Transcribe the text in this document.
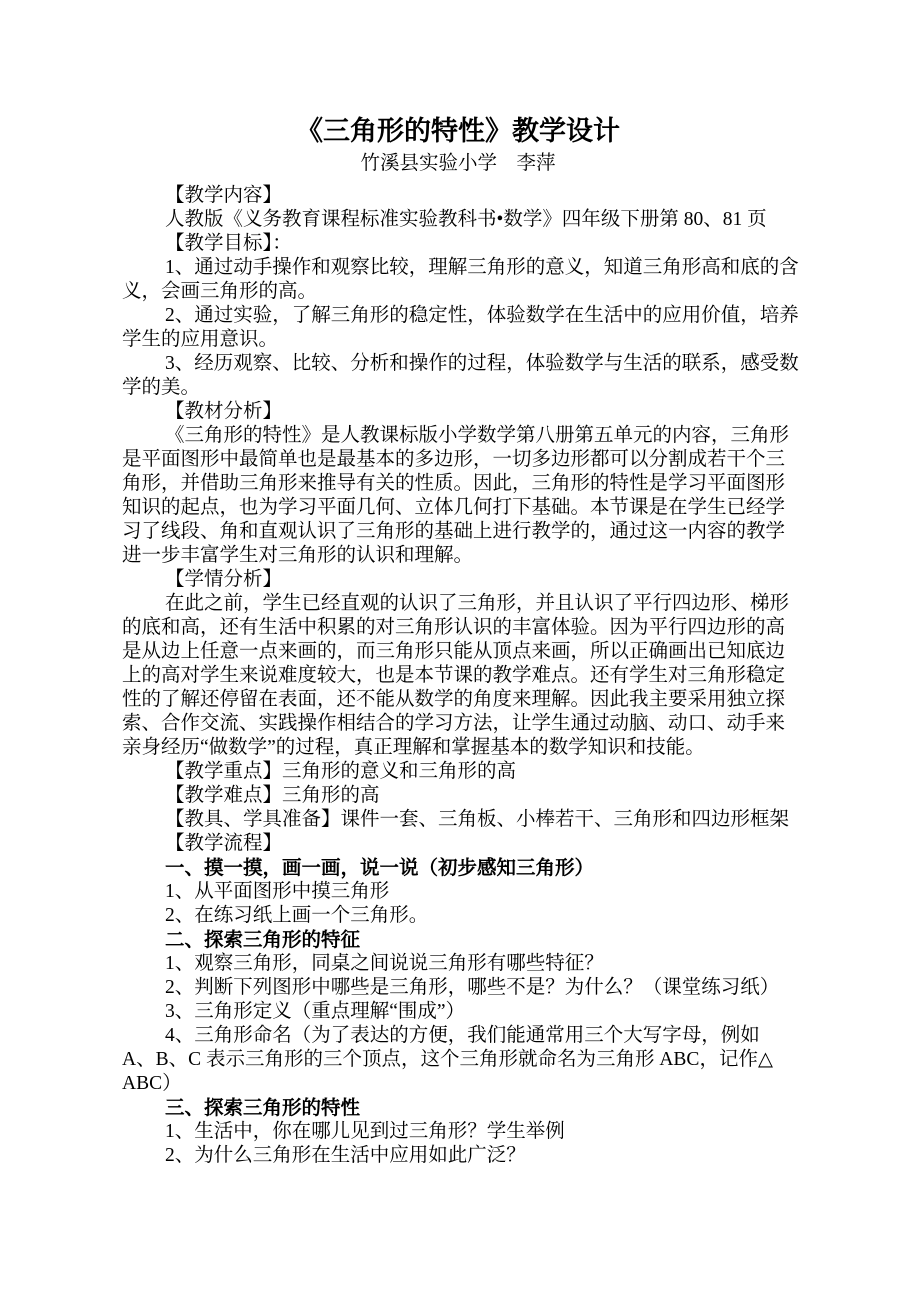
《三角形的特性》教学设计
竹溪县实验小学　李萍
【教学内容】
人教版《义务教育课程标准实验教科书•数学》四年级下册第 80、81 页
【教学目标】：
1、通过动手操作和观察比较，理解三角形的意义，知道三角形高和底的含
义，会画三角形的高。
2、通过实验，了解三角形的稳定性，体验数学在生活中的应用价值，培养
学生的应用意识。
3、经历观察、比较、分析和操作的过程，体验数学与生活的联系，感受数
学的美。
【教材分析】
《三角形的特性》是人教课标版小学数学第八册第五单元的内容，三角形
是平面图形中最简单也是最基本的多边形，一切多边形都可以分割成若干个三
角形，并借助三角形来推导有关的性质。因此，三角形的特性是学习平面图形
知识的起点，也为学习平面几何、立体几何打下基础。本节课是在学生已经学
习了线段、角和直观认识了三角形的基础上进行教学的，通过这一内容的教学
进一步丰富学生对三角形的认识和理解。
【学情分析】
在此之前，学生已经直观的认识了三角形，并且认识了平行四边形、梯形
的底和高，还有生活中积累的对三角形认识的丰富体验。因为平行四边形的高
是从边上任意一点来画的，而三角形只能从顶点来画，所以正确画出已知底边
上的高对学生来说难度较大，也是本节课的教学难点。还有学生对三角形稳定
性的了解还停留在表面，还不能从数学的角度来理解。因此我主要采用独立探
索、合作交流、实践操作相结合的学习方法，让学生通过动脑、动口、动手来
亲身经历“做数学”的过程，真正理解和掌握基本的数学知识和技能。
【教学重点】三角形的意义和三角形的高
【教学难点】三角形的高
【教具、学具准备】课件一套、三角板、小棒若干、三角形和四边形框架
【教学流程】
一、摸一摸，画一画，说一说（初步感知三角形）
1、从平面图形中摸三角形
2、在练习纸上画一个三角形。
二、探索三角形的特征
1、观察三角形，同桌之间说说三角形有哪些特征？
2、判断下列图形中哪些是三角形，哪些不是？为什么？（课堂练习纸）
3、三角形定义（重点理解“围成”）
4、三角形命名（为了表达的方便，我们能通常用三个大写字母，例如
A、B、C 表示三角形的三个顶点，这个三角形就命名为三角形 ABC，记作△
ABC）
三、探索三角形的特性
1、生活中，你在哪儿见到过三角形？学生举例
2、为什么三角形在生活中应用如此广泛？
